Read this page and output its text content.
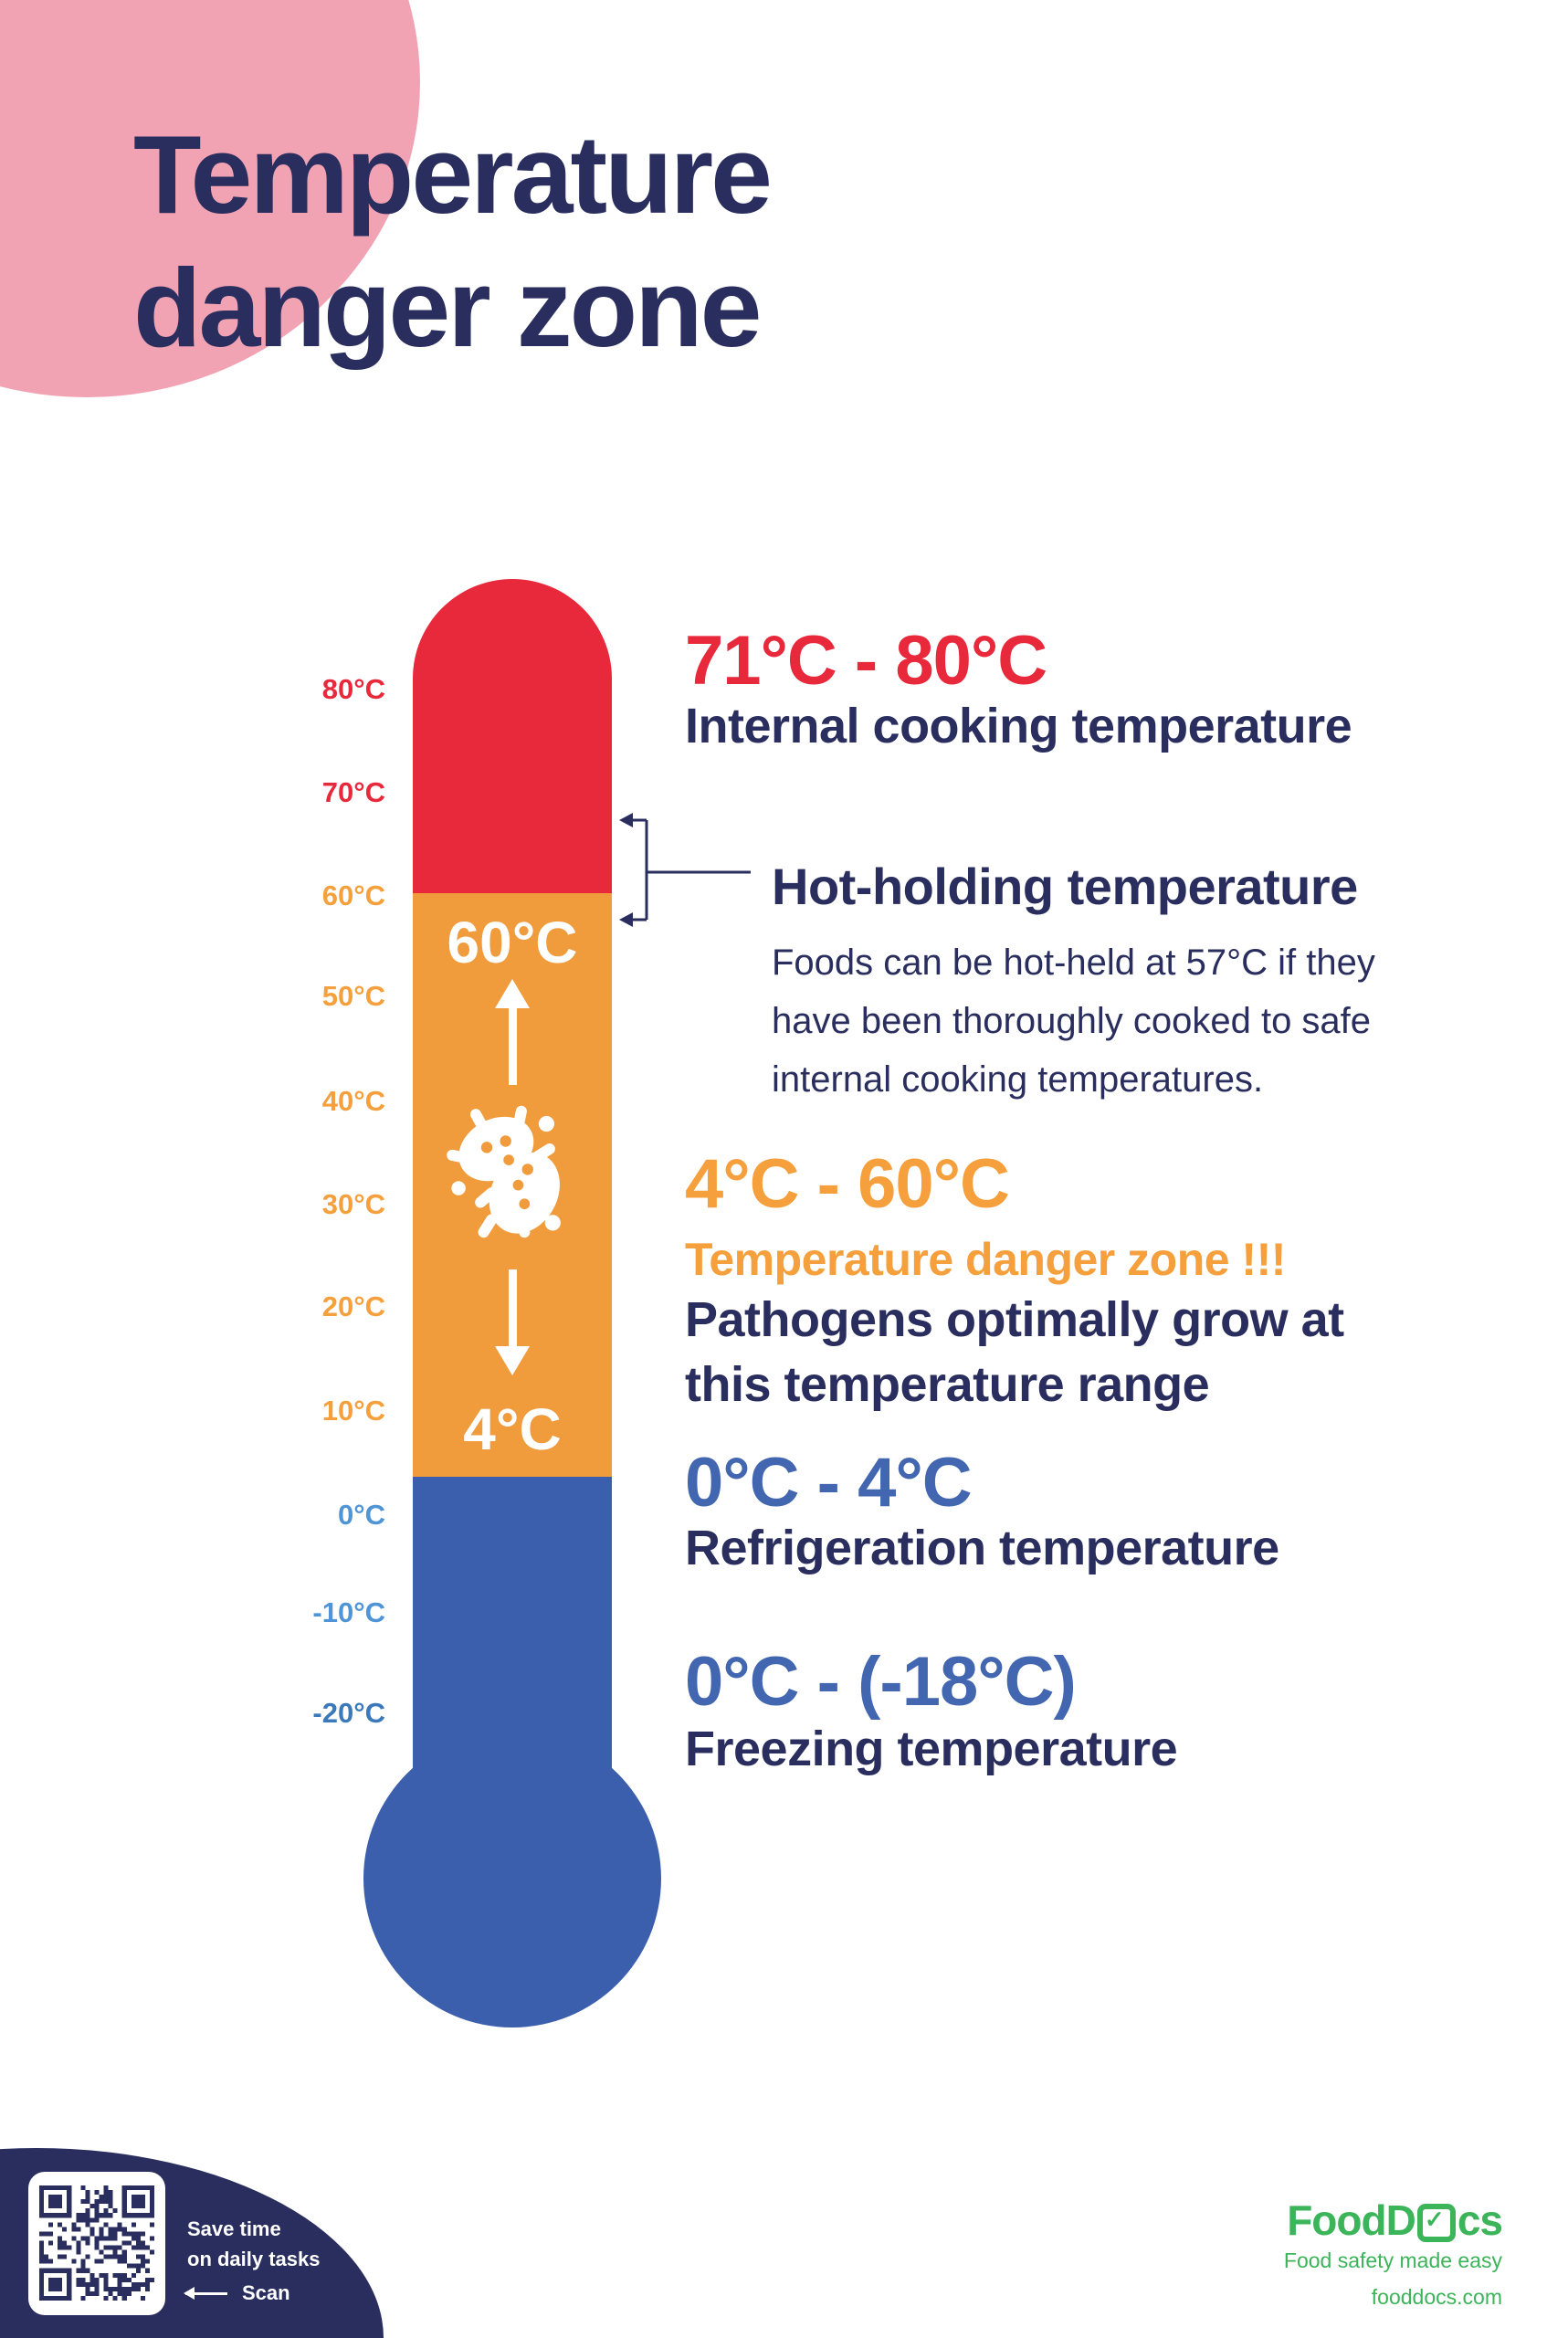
Temperature
danger zone
60°C
4°C
80°C
70°C
60°C
50°C
40°C
30°C
20°C
10°C
0°C
-10°C
-20°C
71°C - 80°C
Internal cooking temperature
Hot-holding temperature
Foods can be hot-held at 57°C if they
have been thoroughly cooked to safe
internal cooking temperatures.
4°C - 60°C
Temperature danger zone !!!
Pathogens optimally grow at
this temperature range
0°C - 4°C
Refrigeration temperature
0°C - (-18°C)
Freezing temperature
Save time
on daily tasks
Scan
FoodD ✓ cs
Food safety made easy
fooddocs.com
